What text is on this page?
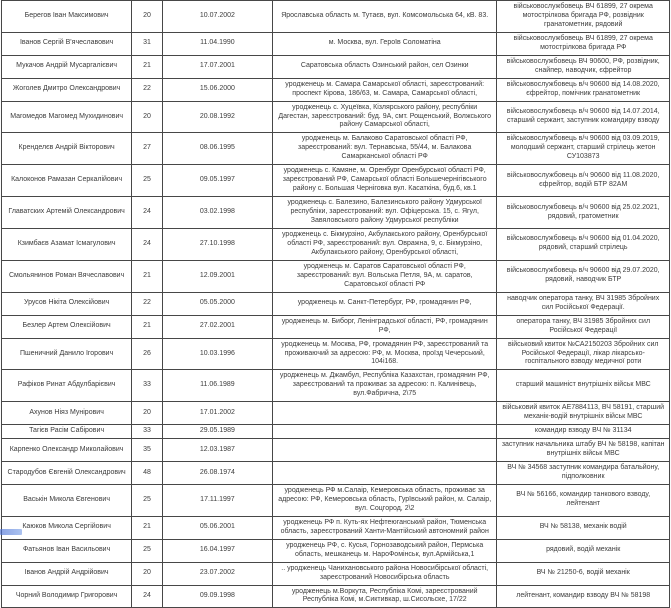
Берегов Іван Максимович	20	10.07.2002	Ярославська область м. Тутаєв, вул. Комсомольська 64, кВ. 83.	військовослужбовець ВЧ 61899, 27 окрема мотострілкова бригада РФ, розвідник гранатометник, рядовий
Іванов Сергій В'ячеславович	31	11.04.1990	м. Москва, вул. Героїв Соломатіна	військовослужбовець ВЧ 61899, 27 окрема мотострілкова бригада РФ
Мукачов Андрій Мусаргалієвич	21	17.07.2001	Саратовська область Озинський район, сел Озинки	військовослужбовець ВЧ 90600, РФ, розвідник, снайпер, наводчик, єфрейтор
Жоголев Дмитро Олександрович	22	15.06.2000	уродженець м. Самара Самарської області, зареєстрований: проспект Кірова, 186/63, м. Самара, Самарської області,	військовослужбовець в/ч 90600 від 14.08.2020, єфрейтор, помічник гранатометник
Магомедов Магомед Мухидинович	20	20.08.1992	уродженець с. Хуцеївка, Кізлярського району, республіки Дагестан, зареєстрований: буд. 9А, смт. Рощенський, Волжського району Самарської області,	військовослужбовець в/ч 90600 від 14.07.2014, старший сержант, заступник командиру взводу
Кренделєв Андрій Вікторович	27	08.06.1995	уродженець м. Балаково Саратовської області РФ, зареєстрований: вул. Тернавська, 55/44, м. Балакова Самарканської області РФ	військовослужбовець в/ч 90600 від 03.09.2019, молодший сержант, старший стрілець жетон СУ103873
Калоконов Рамазан Серкалійович	25	09.05.1997	уродженець с. Камяне, м. Оренбург Оренбурської області РФ, зареєстрований РФ, Самарської області Большечернігівського району с. Большая Черніговка вул. Касаткіна, буд.6, кв.1	військовослужбовець в/ч 90600 від 11.08.2020, єфрейтор, водій БТР 82АМ
Главатских Артемій Олександрович	24	03.02.1998	уродженець с. Балезино, Балезинського району Удмурської республіки, зареєстрований: вул. Офіцерська. 15, с. Ягул, Завяловського району Удмурської республіки	військовослужбовець в/ч 90600 від 25.02.2021, рядовий, гратометник
Кзимбаєв Азамат Ісмагулович	24	27.10.1998	уродженець с. Бікмурзіно, Акбулакського району, Оренбурської області РФ, зареєстрований: вул. Овражна, 9, с. Бікмурзіно, Акбулакського району, Оренбурської області,	військовослужбовець в/ч 90600 від 01.04.2020, рядовий, старший стрілець
Смольянинов Роман Вячеславович	21	12.09.2001	уродженець м. Саратов Саратовської області РФ, зареєстрований: вул. Вольська Петля, 9А, м. саратов, Саратовської області РФ	військовослужбовець в/ч 90600 від 29.07.2020, рядовий, наводчик БТР
Урусов Нікіта Олексійович	22	05.05.2000	уродженець м. Санкт-Петербург, РФ, громадянин РФ,	наводчик оператора танку, ВЧ 31985 Збройних сил Російської Федерації.
Безлер Артем Олексійович	21	27.02.2001	уродженець м. Биборг, Ленінградської області, РФ, громадянин РФ,	оператора танку, ВЧ 31985 Збройних сил Російської Федерації
Пшеничний Данило Ігорович	26	10.03.1996	уродженець м. Москва, РФ, громадянин РФ, зареєстрований та проживаючий за адресою: РФ, м. Москва, проїзд Чечерський, 104і168.	військовий квиток №СА2150203 Збройних сил Російської Федерації, лікар лікарсько-госпітального взводу медичної роти
Рафіков Ринат Абдулбарієвич	33	11.06.1989	уродженець м. Джамбул, Республіка Казахстан, громадянин РФ, зареєстрований та проживає за адресою: п. Калинівець, вул.Фабрична, 2\75	старший машиніст внутрішніх військ МВС
Ахунов Ніяз Мунірович	20	17.01.2002		військовий квиток АЕ7884113, ВЧ 58191, старший механік-водій внутрішніх військ МВС
Тагієв Расім Сабірович	33	29.05.1989		командир взводу ВЧ № 31134
Карпенко Олександр Миколайович	35	12.03.1987		заступник начальника штабу ВЧ № 58198, капітан внутрішніх військ МВС
Стародубов Євгеній Олександрович	48	26.08.1974		ВЧ № 34568 заступник командира батальйону, підполковник
Васькін Микола Євгенович	25	17.11.1997	уродженець РФ м.Салаір, Кемеровська область, проживає за адресою: РФ, Кемеровська область, Гурївський район, м. Салаір, вул. Соцгород, 2\2	ВЧ № 56166, командир танкового взводу, лейтенант
Каюков Микола Сергійович	21	05.06.2001	уродженець РФ п. Куть-ях Нефтеюганський район, Тюменська область, зареєстрований Ханти-Мантійський автономний район	ВЧ № 58138, механік водій
Фатьянов Іван Васильович	25	16.04.1997	уродженець РФ, с. Кусья, Горнозаводський район, Пермська область, мешканець м. НароФомінськ, вул.Армійська,1	рядовий, водій механік
Іванов Андрій Андрійович	20	23.07.2002	.. уродженець Чанихановського района Новосибірської області, зареєстрований Новосибірська область	ВЧ № 21250-6, водій механік
Чорний Володимир Григорович	24	09.09.1998	уродженець м.Воркута, Республіка Комі, зареєстрований Республіка Комі, м.Сиктивкар, ш.Сисольске, 17/22	лейтенант, командир взводу ВЧ № 58198
